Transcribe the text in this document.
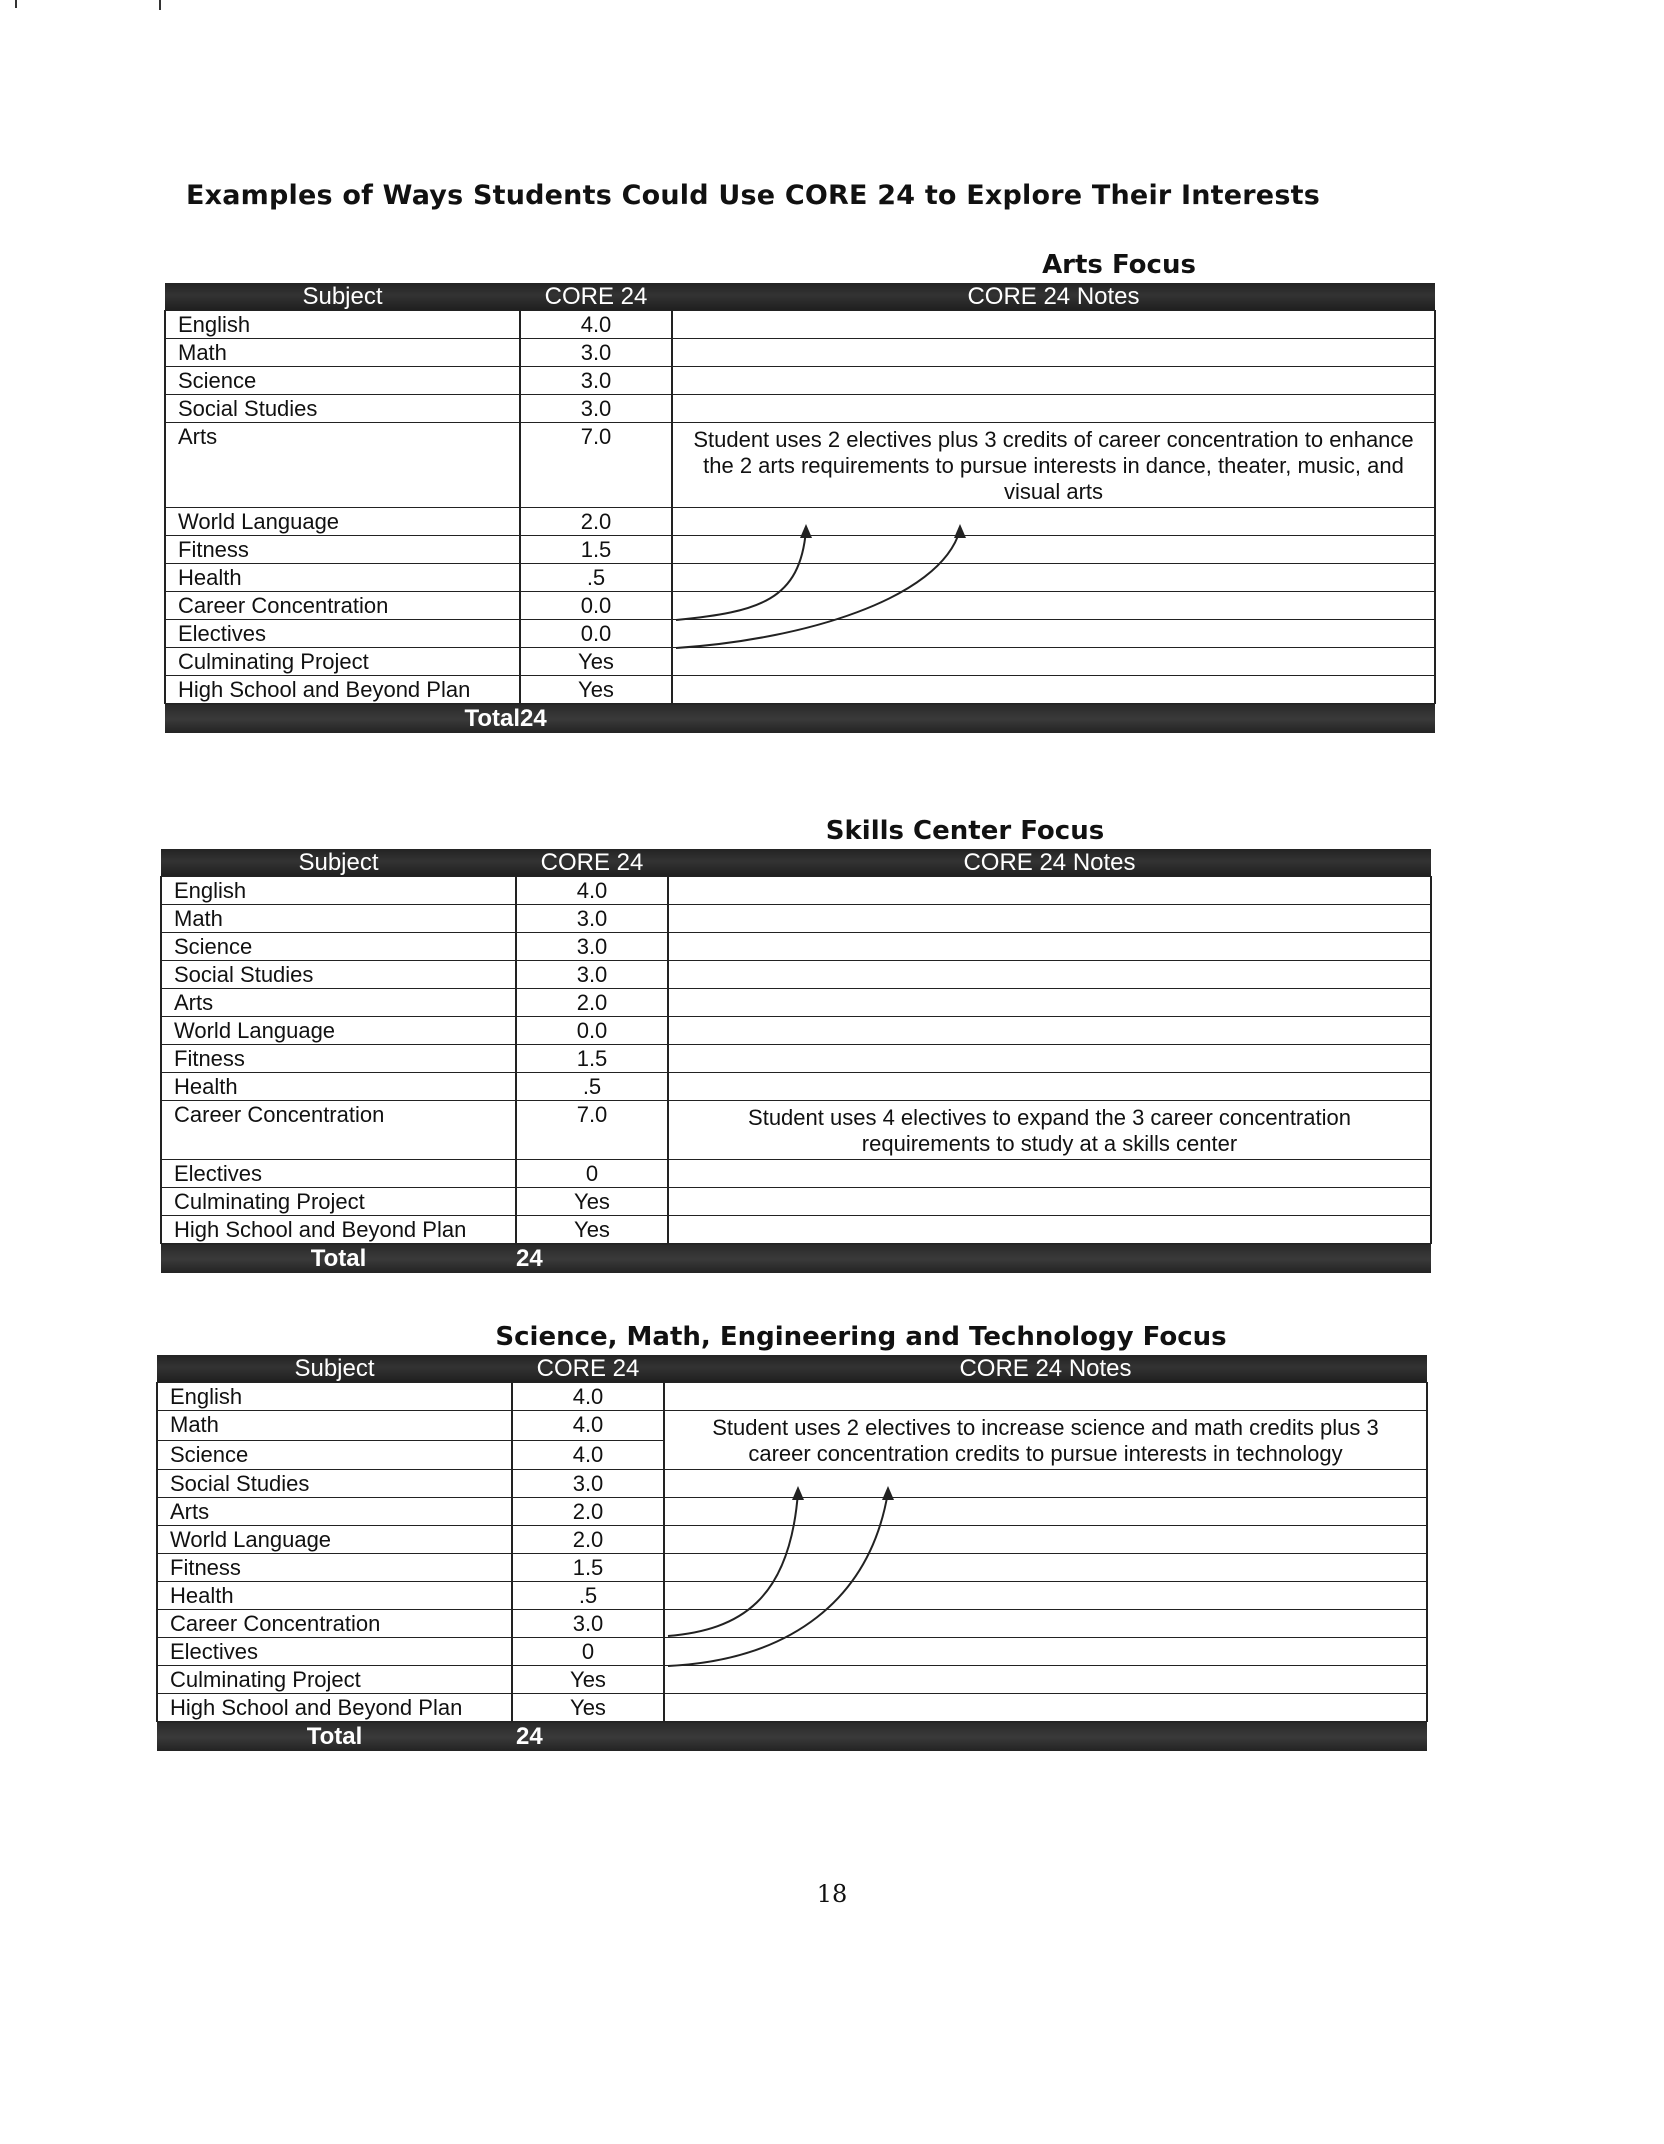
Examples of Ways Students Could Use CORE 24 to Explore Their Interests
Arts Focus
Subject	CORE 24	CORE 24 Notes
English	4.0	
Math	3.0	
Science	3.0	
Social Studies	3.0	
Arts	7.0	Student uses 2 electives plus 3 credits of career concentration to enhance the 2 arts requirements to pursue interests in dance, theater, music, and visual arts
World Language	2.0	
Fitness	1.5	
Health	.5	
Career Concentration	0.0	
Electives	0.0	
Culminating Project	Yes	
High School and Beyond Plan	Yes	
Total	24	
Skills Center Focus
Subject	CORE 24	CORE 24 Notes
English	4.0	
Math	3.0	
Science	3.0	
Social Studies	3.0	
Arts	2.0	
World Language	0.0	
Fitness	1.5	
Health	.5	
Career Concentration	7.0	Student uses 4 electives to expand the 3 career concentration requirements to study at a skills center
Electives	0	
Culminating Project	Yes	
High School and Beyond Plan	Yes	
Total	24	
Science, Math, Engineering and Technology Focus
Subject	CORE 24	CORE 24 Notes
English	4.0	
Math	4.0	Student uses 2 electives to increase science and math credits plus 3 career concentration credits to pursue interests in technology
Science	4.0	
Social Studies	3.0	
Arts	2.0	
World Language	2.0	
Fitness	1.5	
Health	.5	
Career Concentration	3.0	
Electives	0	
Culminating Project	Yes	
High School and Beyond Plan	Yes	
Total	24	
18
